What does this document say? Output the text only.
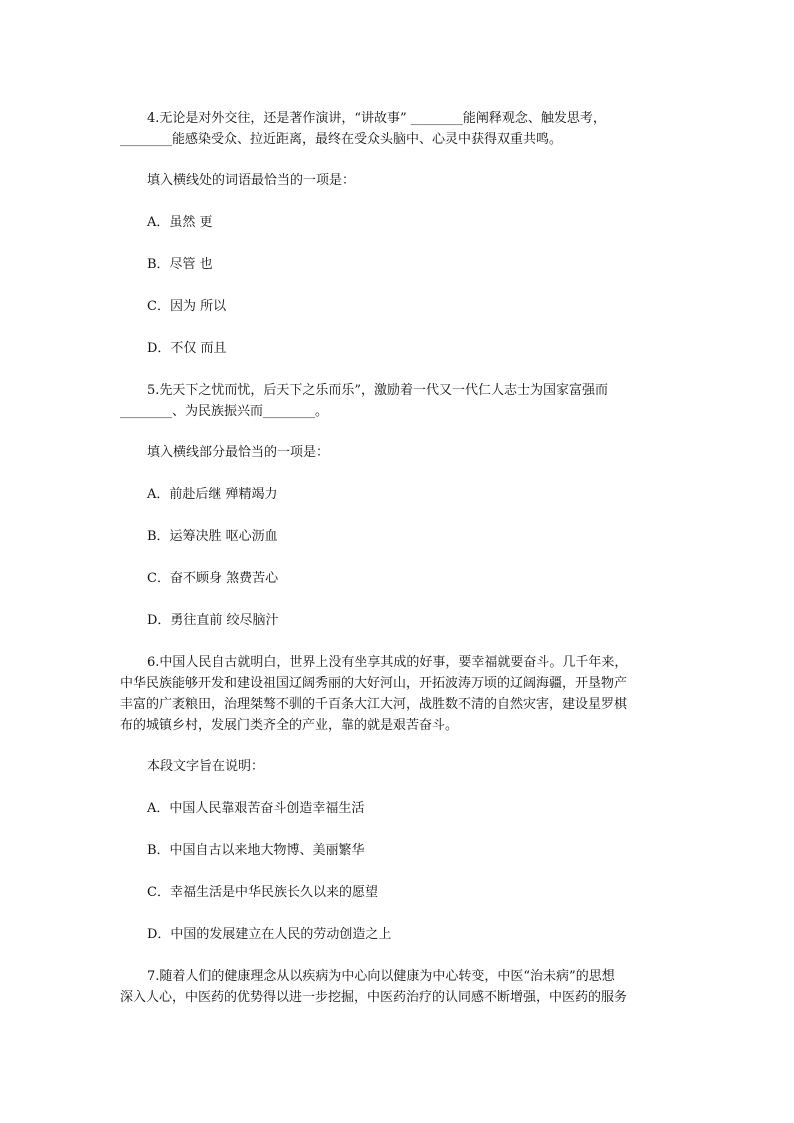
4.无论是对外交往，还是著作演讲，“讲故事” ________能阐释观念、触发思考，
________能感染受众、拉近距离，最终在受众头脑中、心灵中获得双重共鸣。

填入横线处的词语最恰当的一项是：

A．虽然 更

B．尽管 也

C．因为 所以

D．不仅 而且

5.先天下之忧而忧，后天下之乐而乐”，激励着一代又一代仁人志士为国家富强而
________、为民族振兴而________。

填入横线部分最恰当的一项是：

A．前赴后继 殚精竭力

B．运筹决胜 呕心沥血

C．奋不顾身 煞费苦心

D．勇往直前 绞尽脑汁

6.中国人民自古就明白，世界上没有坐享其成的好事，要幸福就要奋斗。几千年来，
中华民族能够开发和建设祖国辽阔秀丽的大好河山，开拓波涛万顷的辽阔海疆，开垦物产
丰富的广袤粮田，治理桀骜不驯的千百条大江大河，战胜数不清的自然灾害，建设星罗棋
布的城镇乡村，发展门类齐全的产业，靠的就是艰苦奋斗。

本段文字旨在说明：

A．中国人民靠艰苦奋斗创造幸福生活

B．中国自古以来地大物博、美丽繁华

C．幸福生活是中华民族长久以来的愿望

D．中国的发展建立在人民的劳动创造之上

7.随着人们的健康理念从以疾病为中心向以健康为中心转变，中医“治未病”的思想
深入人心，中医药的优势得以进一步挖掘，中医药治疗的认同感不断增强，中医药的服务
